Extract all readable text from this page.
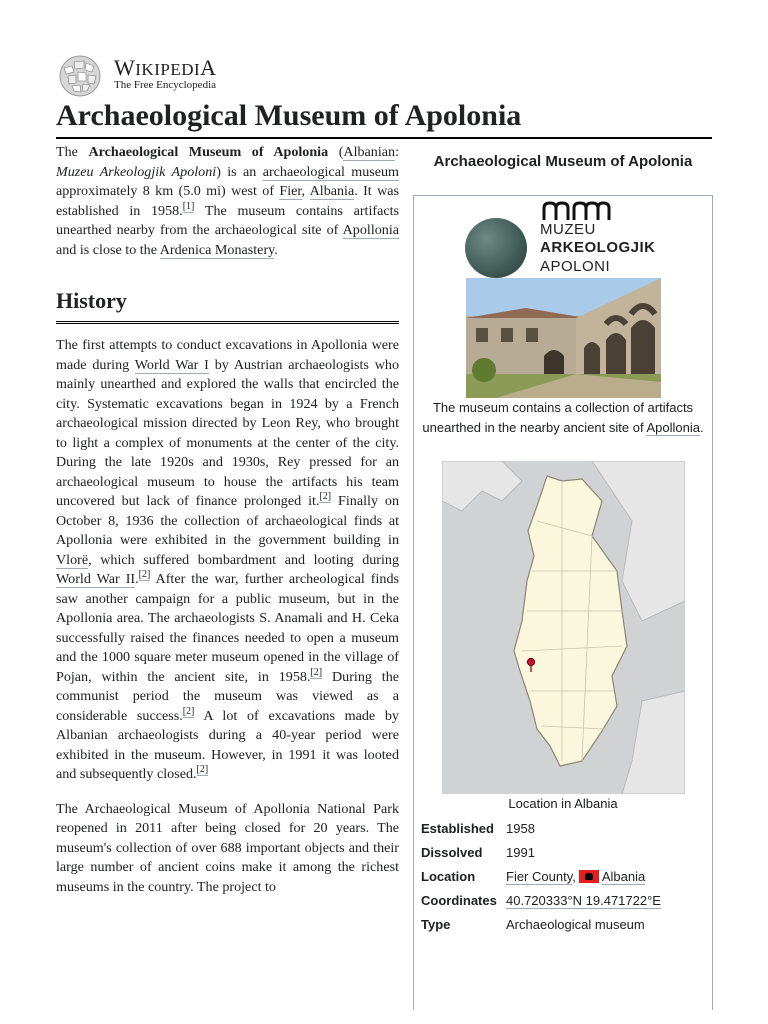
WIKIPEDIA
The Free Encyclopedia
Archaeological Museum of Apolonia

The Archaeological Museum of Apolonia (Albanian: Muzeu Arkeologjik Apoloni) is an archaeological museum approximately 8 km (5.0 mi) west of Fier, Albania. It was established in 1958.[1] The museum contains artifacts unearthed nearby from the archaeological site of Apollonia and is close to the Ardenica Monastery.

History

The first attempts to conduct excavations in Apollonia were made during World War I by Austrian archaeologists who mainly unearthed and explored the walls that encircled the city. Systematic excavations began in 1924 by a French archaeological mission directed by Leon Rey, who brought to light a complex of monuments at the center of the city. During the late 1920s and 1930s, Rey pressed for an archaeological museum to house the artifacts his team uncovered but lack of finance prolonged it.[2] Finally on October 8, 1936 the collection of archaeological finds at Apollonia were exhibited in the government building in Vlorë, which suffered bombardment and looting during World War II.[2] After the war, further archeological finds saw another campaign for a public museum, but in the Apollonia area. The archaeologists S. Anamali and H. Ceka successfully raised the finances needed to open a museum and the 1000 square meter museum opened in the village of Pojan, within the ancient site, in 1958.[2] During the communist period the museum was viewed as a considerable success.[2] A lot of excavations made by Albanian archaeologists during a 40-year period were exhibited in the museum. However, in 1991 it was looted and subsequently closed.[2]

The Archaeological Museum of Apollonia National Park reopened in 2011 after being closed for 20 years. The museum's collection of over 688 important objects and their large number of ancient coins make it among the richest museums in the country. The project to

Archaeological Museum of Apolonia
MUZEU
ARKEOLOGJIK
APOLONI
The museum contains a collection of artifacts unearthed in the nearby ancient site of Apollonia.
Location in Albania
Established 1958
Dissolved 1991
Location Fier County, Albania
Coordinates 40.720333°N 19.471722°E
Type	Archaeological museum
